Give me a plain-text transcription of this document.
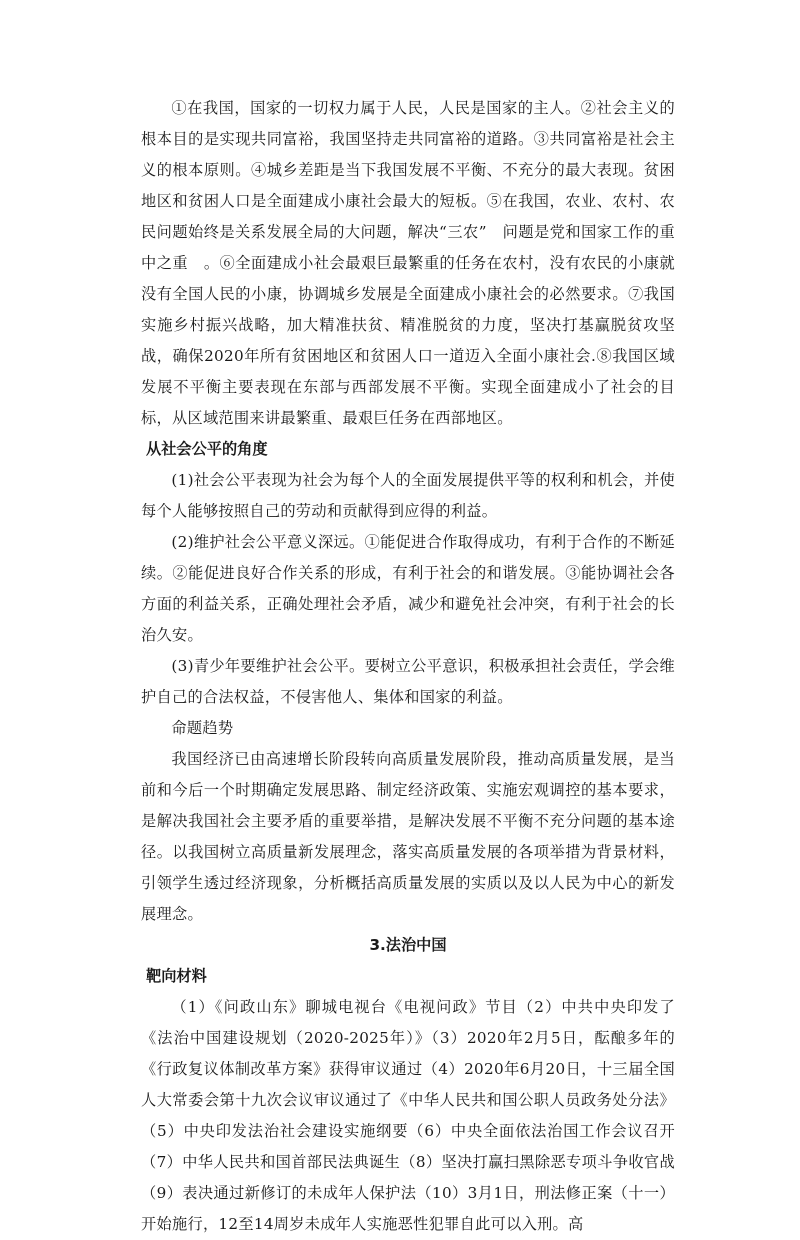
①在我国，国家的一切权力属于人民，人民是国家的主人。②社会主义的根本目的是实现共同富裕，我国坚持走共同富裕的道路。③共同富裕是社会主义的根本原则。④城乡差距是当下我国发展不平衡、不充分的最大表现。贫困地区和贫困人口是全面建成小康社会最大的短板。⑤在我国，农业、农村、农民问题始终是关系发展全局的大问题，解决“三农”　问题是党和国家工作的重中之重　。⑥全面建成小社会最艰巨最繁重的任务在农村，没有农民的小康就没有全国人民的小康，协调城乡发展是全面建成小康社会的必然要求。⑦我国实施乡村振兴战略，加大精准扶贫、精准脱贫的力度，坚决打基赢脱贫攻坚战，确保2020年所有贫困地区和贫困人口一道迈入全面小康社会.⑧我国区域发展不平衡主要表现在东部与西部发展不平衡。实现全面建成小了社会的目标，从区域范围来讲最繁重、最艰巨任务在西部地区。

从社会公平的角度

(1)社会公平表现为社会为每个人的全面发展提供平等的权利和机会，并使每个人能够按照自己的劳动和贡献得到应得的利益。

(2)维护社会公平意义深远。①能促进合作取得成功，有利于合作的不断延续。②能促进良好合作关系的形成，有利于社会的和谐发展。③能协调社会各方面的利益关系，正确处理社会矛盾，减少和避免社会冲突，有利于社会的长治久安。

(3)青少年要维护社会公平。要树立公平意识，积极承担社会责任，学会维护自己的合法权益，不侵害他人、集体和国家的利益。

命题趋势

我国经济已由高速增长阶段转向高质量发展阶段，推动高质量发展，是当前和今后一个时期确定发展思路、制定经济政策、实施宏观调控的基本要求，是解决我国社会主要矛盾的重要举措，是解决发展不平衡不充分问题的基本途径。以我国树立高质量新发展理念，落实高质量发展的各项举措为背景材料，引领学生透过经济现象，分析概括高质量发展的实质以及以人民为中心的新发展理念。

3.法治中国
靶向材料

（1）《问政山东》聊城电视台《电视问政》节目（2）中共中央印发了《法治中国建设规划（2020-2025年）》（3）2020年2月5日，酝酿多年的《行政复议体制改革方案》获得审议通过（4）2020年6月20日，十三届全国人大常委会第十九次会议审议通过了《中华人民共和国公职人员政务处分法》（5）中央印发法治社会建设实施纲要（6）中央全面依法治国工作会议召开（7）中华人民共和国首部民法典诞生（8）坚决打赢扫黑除恶专项斗争收官战（9）表决通过新修订的未成年人保护法（10）3月1日，刑法修正案（十一）开始施行，12至14周岁未成年人实施恶性犯罪自此可以入刑。高
